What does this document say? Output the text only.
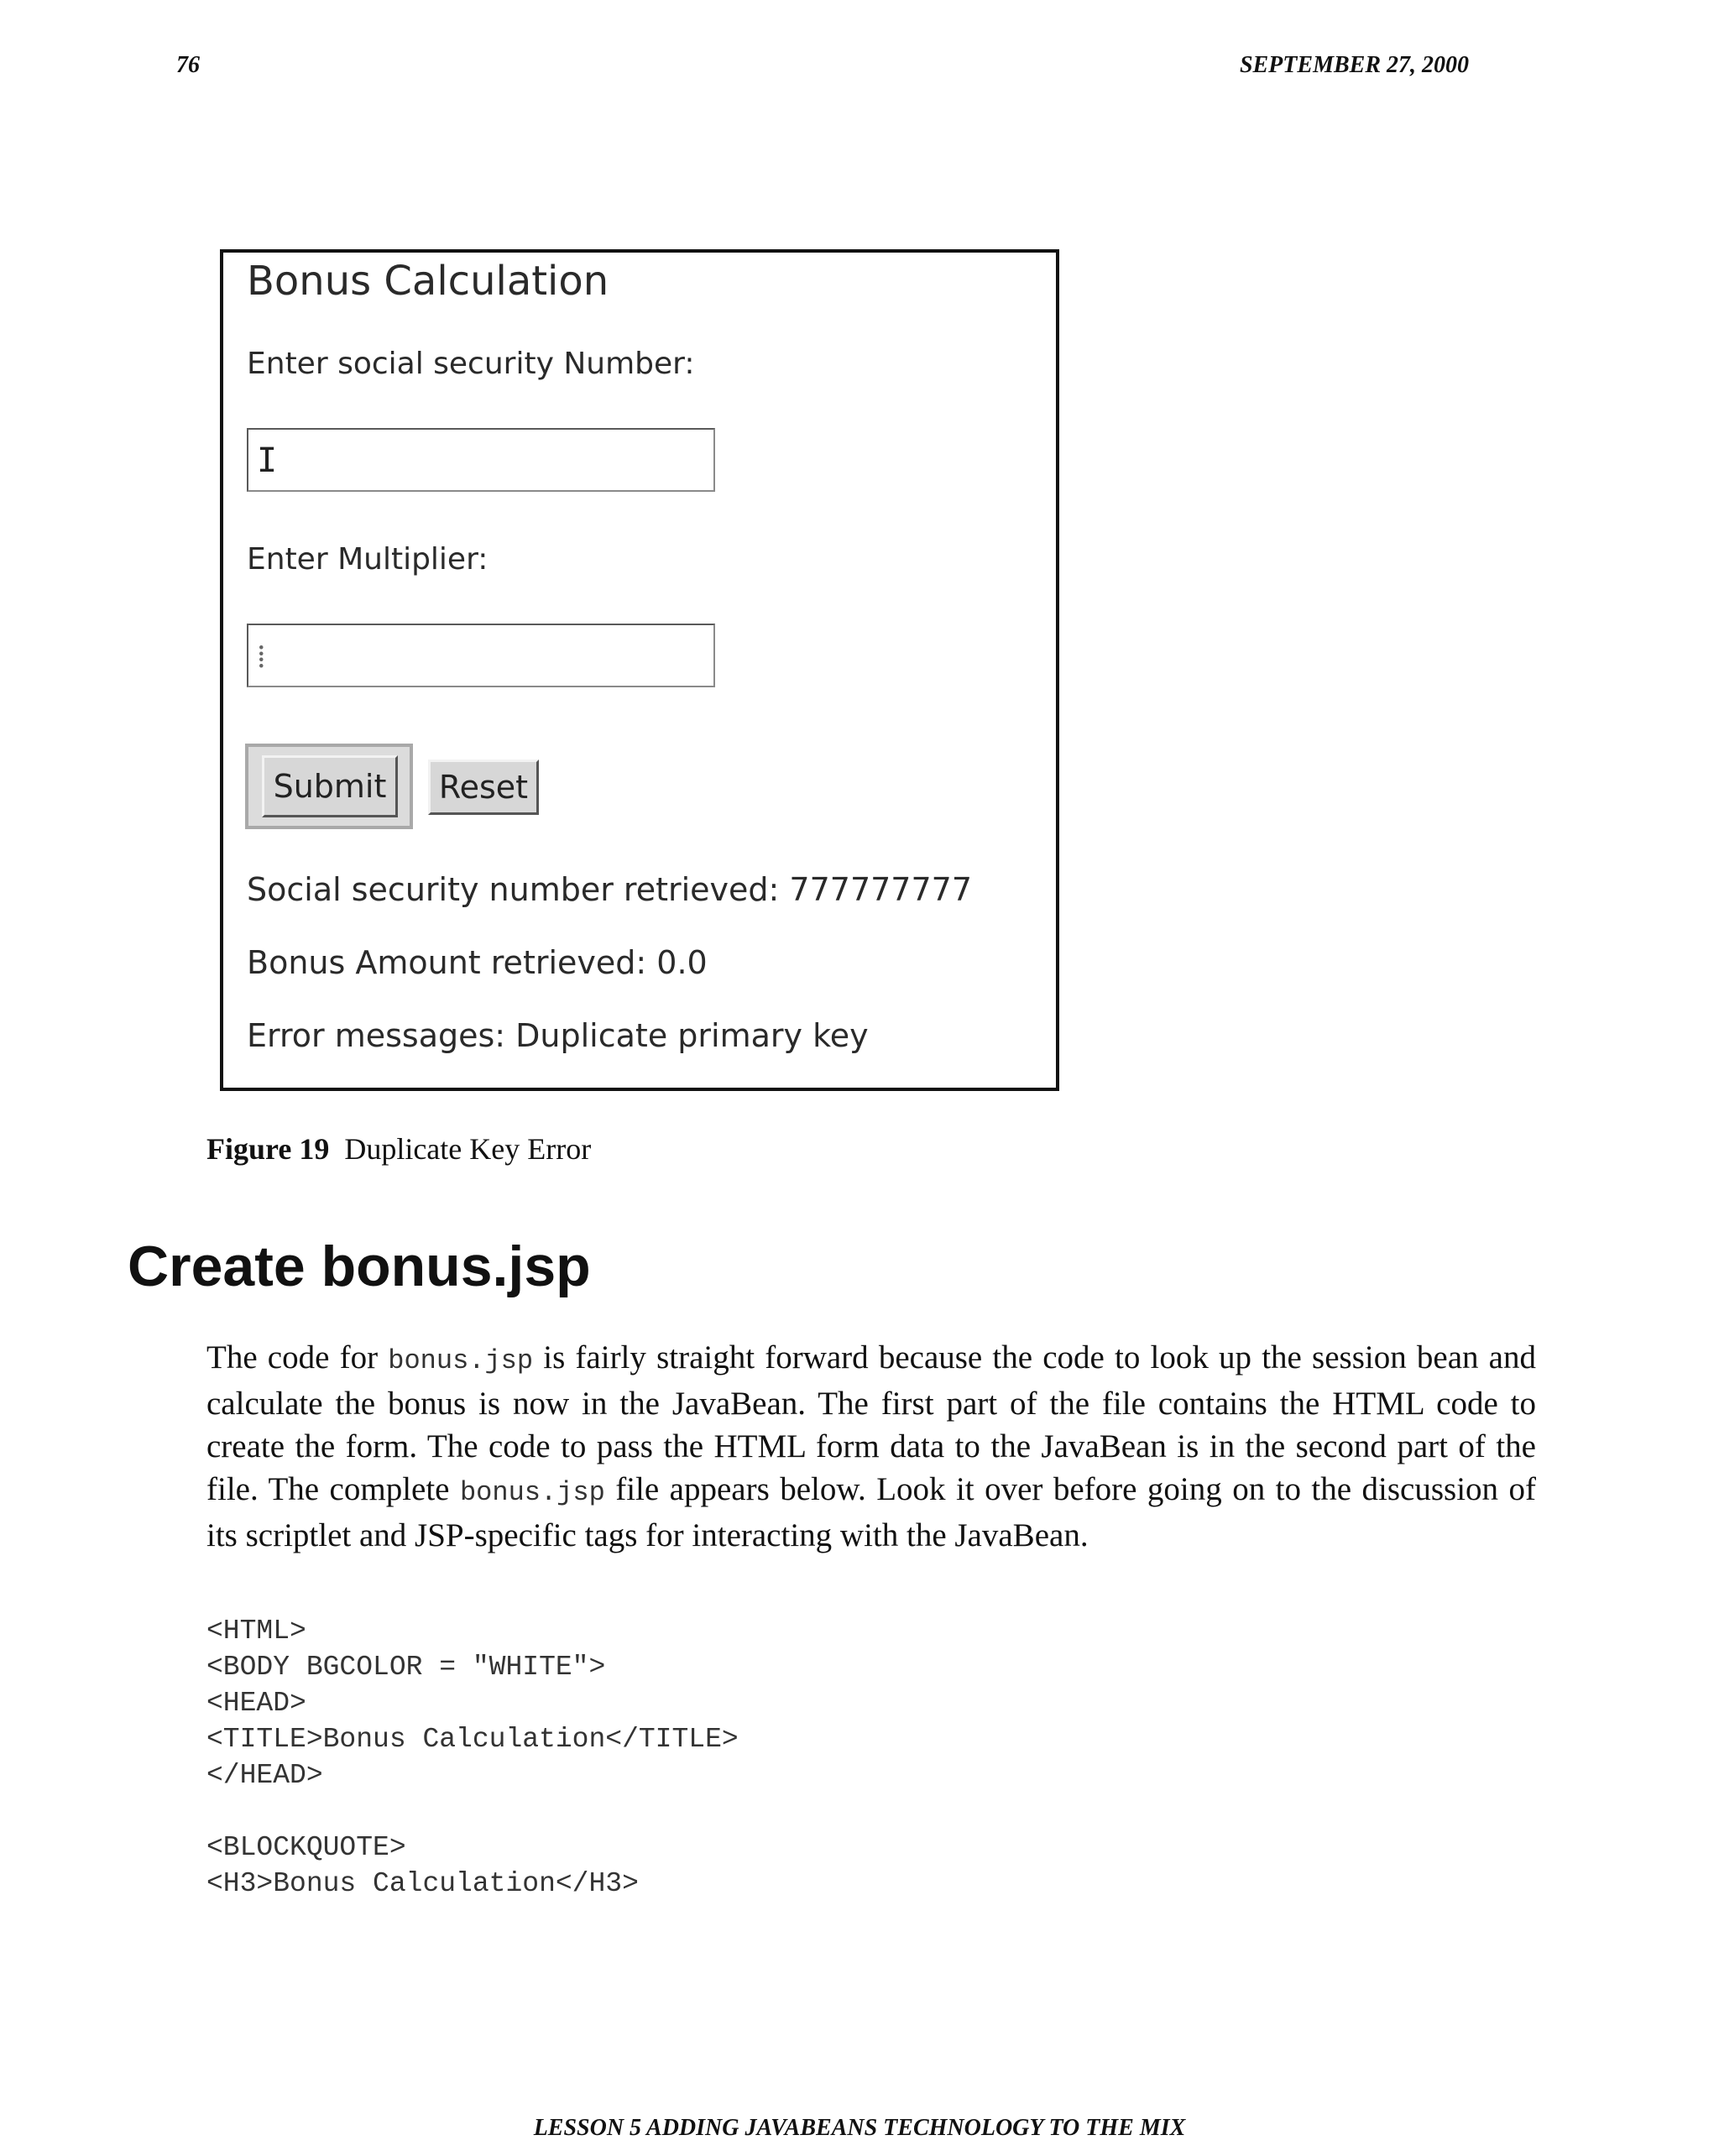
76	SEPTEMBER 27, 2000
Bonus Calculation
Enter social security Number:
I
Enter Multiplier:
⁞
Submit	Reset
Social security number retrieved: 777777777
Bonus Amount retrieved: 0.0
Error messages: Duplicate primary key
Figure 19 Duplicate Key Error
Create bonus.jsp

The code for bonus.jsp is fairly straight forward because the code to look up the session bean and calculate the bonus is now in the JavaBean. The first part of the file contains the HTML code to create the form. The code to pass the HTML form data to the JavaBean is in the second part of the file. The complete bonus.jsp file appears below. Look it over before going on to the discussion of its scriptlet and JSP-specific tags for interacting with the JavaBean.

<HTML>
<BODY BGCOLOR = "WHITE">
<HEAD>
<TITLE>Bonus Calculation</TITLE>
</HEAD>
<BLOCKQUOTE>
<H3>Bonus Calculation</H3>
LESSON 5 ADDING JAVABEANS TECHNOLOGY TO THE MIX
